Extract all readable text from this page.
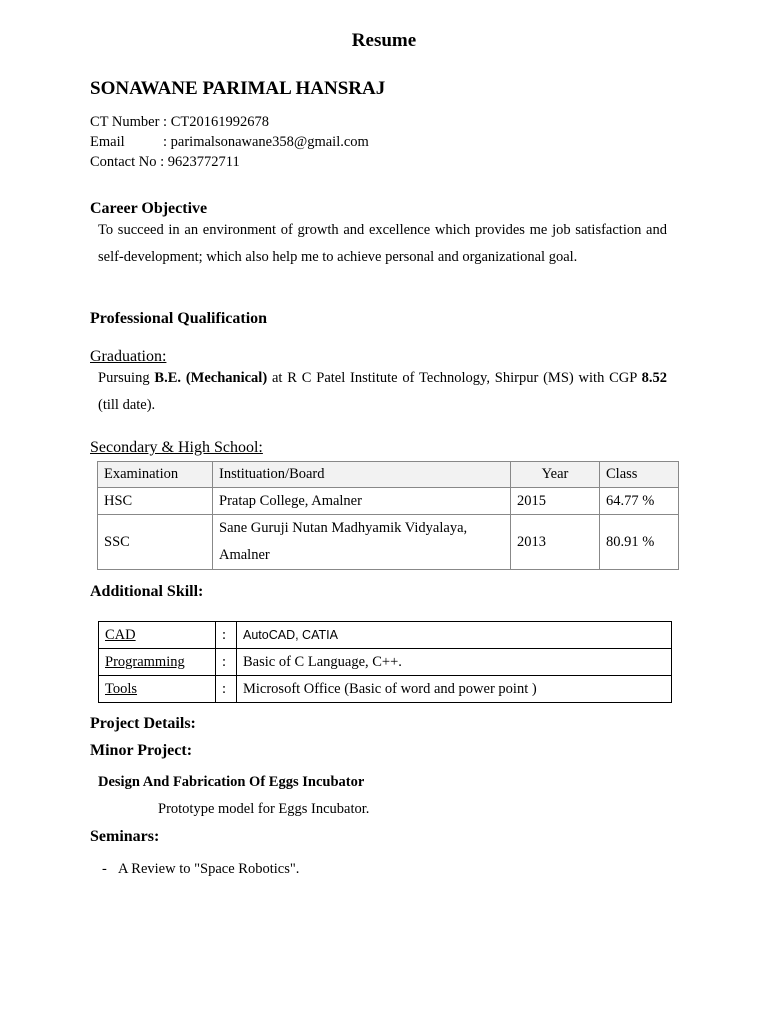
Resume
SONAWANE PARIMAL HANSRAJ
CT Number : CT20161992678
Email	: parimalsonawane358@gmail.com
Contact No : 9623772711
Career Objective
To succeed in an environment of growth and excellence which provides me job satisfaction and self-development; which also help me to achieve personal and organizational goal.
Professional Qualification
Graduation:
Pursuing B.E. (Mechanical) at R C Patel Institute of Technology, Shirpur (MS) with CGP 8.52 (till date).
Secondary & High School:
Examination	Instituation/Board	Year	Class
HSC	Pratap College, Amalner	2015	64.77 %
SSC	Sane Guruji Nutan Madhyamik Vidyalaya, Amalner	2013	80.91 %
Additional Skill:
CAD	:	AutoCAD, CATIA
Programming	:	Basic of C Language, C++.
Tools	:	Microsoft Office (Basic of word and power point )
Project Details:
Minor Project:
Design And Fabrication Of Eggs Incubator
Prototype model for Eggs Incubator.
Seminars:
- A Review to "Space Robotics".
